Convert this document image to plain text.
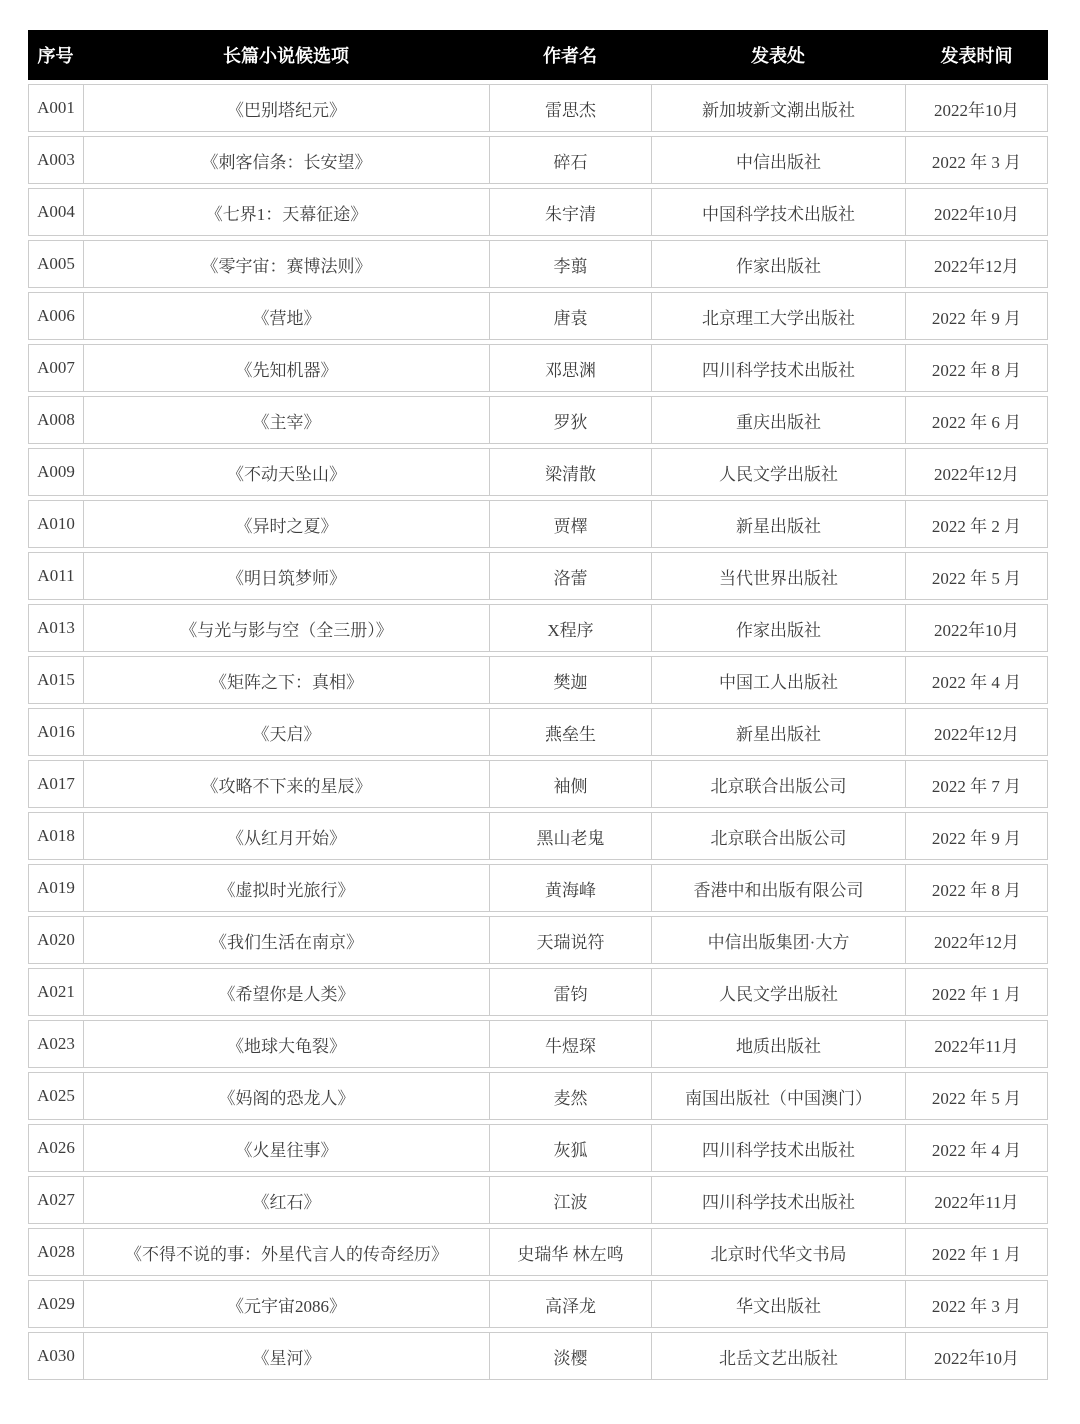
序号	长篇小说候选项	作者名	发表处	发表时间
A001	《巴别塔纪元》	雷思杰	新加坡新文潮出版社	2022年10月
A003	《刺客信条：长安望》	碎石	中信出版社	2022 年 3 月
A004	《七界1：天幕征途》	朱宇清	中国科学技术出版社	2022年10月
A005	《零宇宙：赛博法则》	李翦	作家出版社	2022年12月
A006	《营地》	唐袁	北京理工大学出版社	2022 年 9 月
A007	《先知机器》	邓思渊	四川科学技术出版社	2022 年 8 月
A008	《主宰》	罗狄	重庆出版社	2022 年 6 月
A009	《不动天坠山》	梁清散	人民文学出版社	2022年12月
A010	《异时之夏》	贾檡	新星出版社	2022 年 2 月
A011	《明日筑梦师》	洛蕾	当代世界出版社	2022 年 5 月
A013	《与光与影与空（全三册）》	X程序	作家出版社	2022年10月
A015	《矩阵之下：真相》	樊迦	中国工人出版社	2022 年 4 月
A016	《天启》	燕垒生	新星出版社	2022年12月
A017	《攻略不下来的星辰》	袖侧	北京联合出版公司	2022 年 7 月
A018	《从红月开始》	黑山老鬼	北京联合出版公司	2022 年 9 月
A019	《虚拟时光旅行》	黄海峰	香港中和出版有限公司	2022 年 8 月
A020	《我们生活在南京》	天瑞说符	中信出版集团·大方	2022年12月
A021	《希望你是人类》	雷钧	人民文学出版社	2022 年 1 月
A023	《地球大龟裂》	牛煜琛	地质出版社	2022年11月
A025	《妈阁的恐龙人》	麦然	南国出版社（中国澳门）	2022 年 5 月
A026	《火星往事》	灰狐	四川科学技术出版社	2022 年 4 月
A027	《红石》	江波	四川科学技术出版社	2022年11月
A028	《不得不说的事：外星代言人的传奇经历》	史瑞华 林左鸣	北京时代华文书局	2022 年 1 月
A029	《元宇宙2086》	高泽龙	华文出版社	2022 年 3 月
A030	《星河》	淡樱	北岳文艺出版社	2022年10月
